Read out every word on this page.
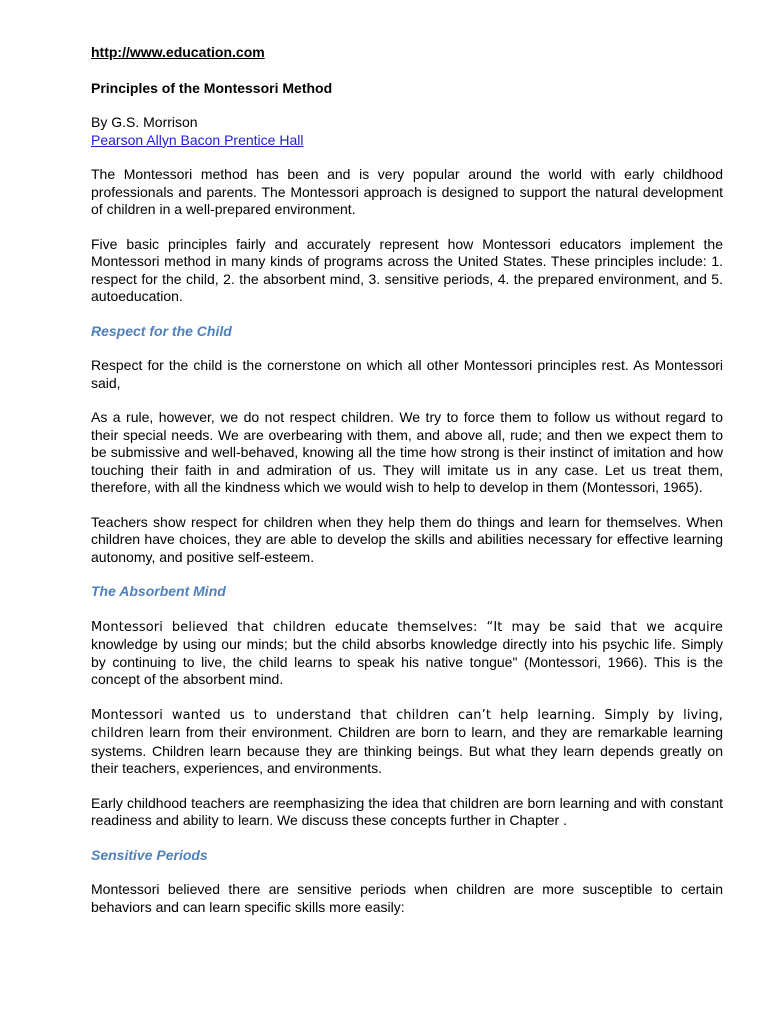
http://www.education.com
Principles of the Montessori Method
By G.S. Morrison
Pearson Allyn Bacon Prentice Hall

The Montessori method has been and is very popular around the world with early childhood professionals and parents. The Montessori approach is designed to support the natural development of children in a well-prepared environment.

Five basic principles fairly and accurately represent how Montessori educators implement the Montessori method in many kinds of programs across the United States. These principles include: 1. respect for the child, 2. the absorbent mind, 3. sensitive periods, 4. the prepared environment, and 5. autoeducation.

Respect for the Child

Respect for the child is the cornerstone on which all other Montessori principles rest. As Montessori said,

As a rule, however, we do not respect children. We try to force them to follow us without regard to their special needs. We are overbearing with them, and above all, rude; and then we expect them to be submissive and well-behaved, knowing all the time how strong is their instinct of imitation and how touching their faith in and admiration of us. They will imitate us in any case. Let us treat them, therefore, with all the kindness which we would wish to help to develop in them (Montessori, 1965).

Teachers show respect for children when they help them do things and learn for themselves. When children have choices, they are able to develop the skills and abilities necessary for effective learning autonomy, and positive self-esteem.

The Absorbent Mind

Montessori believed that children educate themselves: “It may be said that we acquire knowledge by using our minds; but the child absorbs knowledge directly into his psychic life. Simply by continuing to live, the child learns to speak his native tongue" (Montessori, 1966). This is the concept of the absorbent mind.

Montessori wanted us to understand that children can’t help learning. Simply by living, children learn from their environment. Children are born to learn, and they are remarkable learning systems. Children learn because they are thinking beings. But what they learn depends greatly on their teachers, experiences, and environments.

Early childhood teachers are reemphasizing the idea that children are born learning and with constant readiness and ability to learn. We discuss these concepts further in Chapter .

Sensitive Periods

Montessori believed there are sensitive periods when children are more susceptible to certain behaviors and can learn specific skills more easily:
